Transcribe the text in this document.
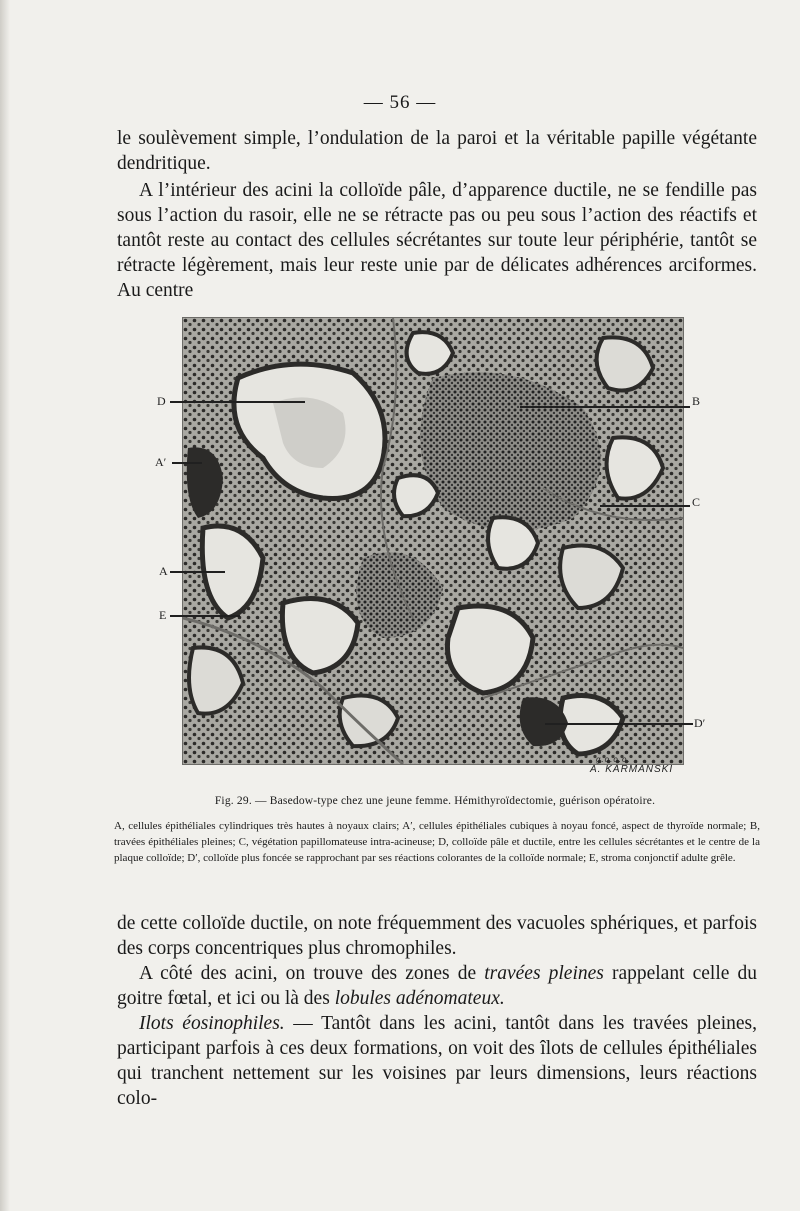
— 56 —

le soulèvement simple, l’ondulation de la paroi et la véritable papille végétante dendritique.

A l’intérieur des acini la colloïde pâle, d’apparence ductile, ne se fendille pas sous l’action du rasoir, elle ne se rétracte pas ou peu sous l’action des réactifs et tantôt reste au contact des cellules sécrétantes sur toute leur périphérie, tantôt se rétracte légèrement, mais leur reste unie par de délicates adhérences arciformes. Au centre

D
A′
A
E
B
C
D′
g.o.o.o.
A. KARMANSKI

Fig. 29. — Basedow-type chez une jeune femme. Hémithyroïdectomie, guérison opératoire.

A, cellules épithéliales cylindriques très hautes à noyaux clairs; A′, cellules épithéliales cubiques à noyau foncé, aspect de thyroïde normale; B, travées épithéliales pleines; C, végétation papillomateuse intra-acineuse; D, colloïde pâle et ductile, entre les cellules sécrétantes et le centre de la plaque colloïde; D′, colloïde plus foncée se rapprochant par ses réactions colorantes de la colloïde normale; E, stroma conjonctif adulte grêle.

de cette colloïde ductile, on note fréquemment des vacuoles sphériques, et parfois des corps concentriques plus chromophiles.

A côté des acini, on trouve des zones de travées pleines rappelant celle du goitre fœtal, et ici ou là des lobules adénomateux.

Ilots éosinophiles. — Tantôt dans les acini, tantôt dans les travées pleines, participant parfois à ces deux formations, on voit des îlots de cellules épithéliales qui tranchent nettement sur les voisines par leurs dimensions, leurs réactions colo-
